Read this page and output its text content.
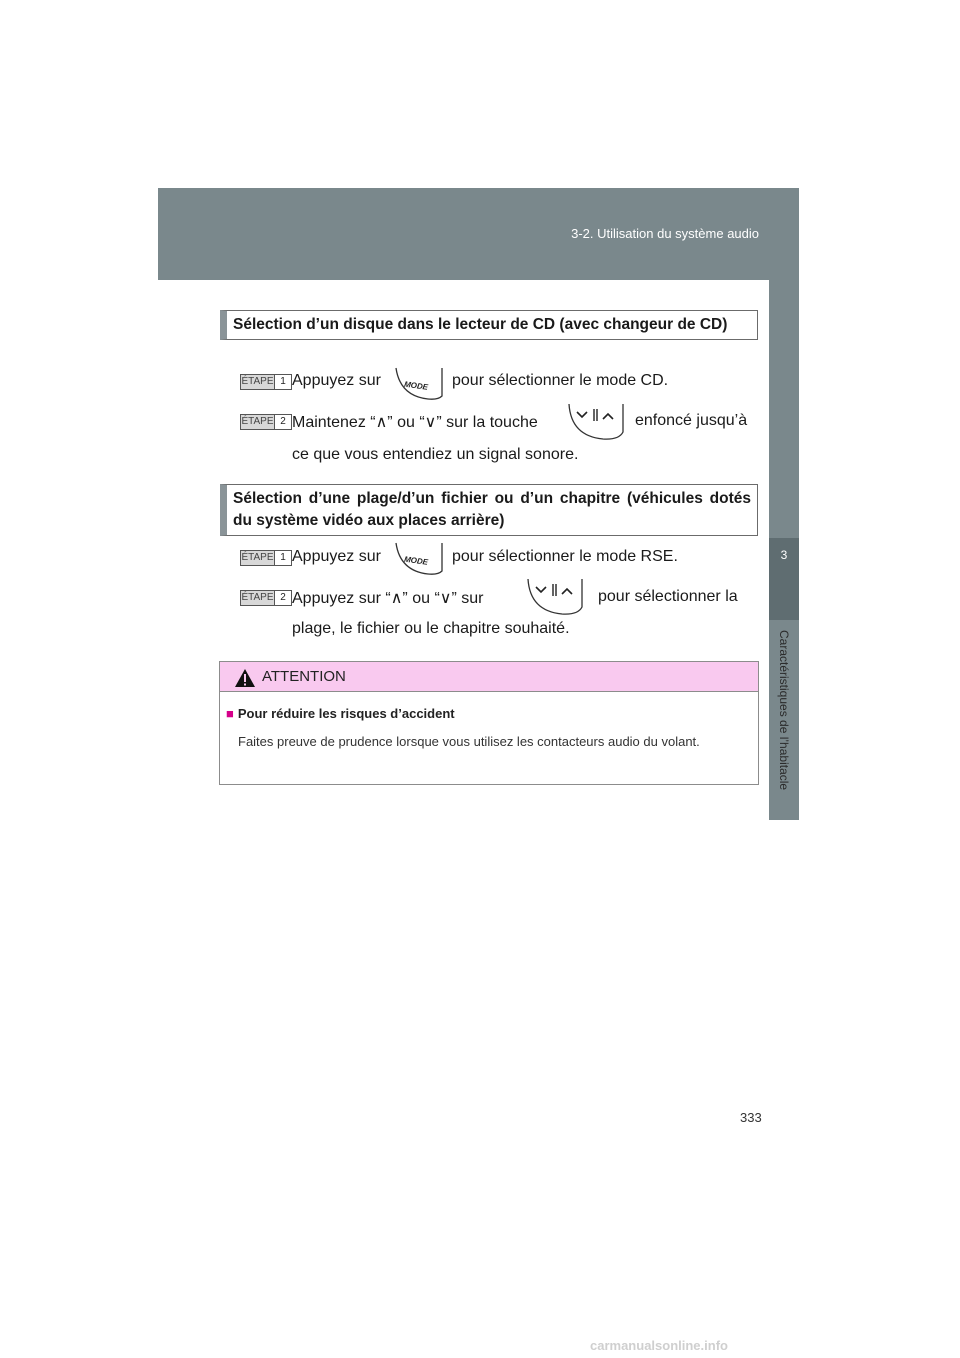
3-2. Utilisation du système audio
3
Caractéristiques de l’habitacle
Sélection d’un disque dans le lecteur de CD (avec changeur de CD)
ÉTAPE 1 Appuyez sur	MODE pour sélectionner le mode CD.
ÉTAPE 2 Maintenez “∧” ou “∨” sur la touche	enfoncé jusqu’à
ce que vous entendiez un signal sonore.
Sélection d’une plage/d’un fichier ou d’un chapitre (véhicules dotés du système vidéo aux places arrière)
ÉTAPE 1 Appuyez sur	MODE pour sélectionner le mode RSE.
ÉTAPE 2 Appuyez sur “∧” ou “∨” sur	pour sélectionner la
plage, le fichier ou le chapitre souhaité.
ATTENTION
■ Pour réduire les risques d’accident
Faites preuve de prudence lorsque vous utilisez les contacteurs audio du volant.
333
carmanualsonline.info
